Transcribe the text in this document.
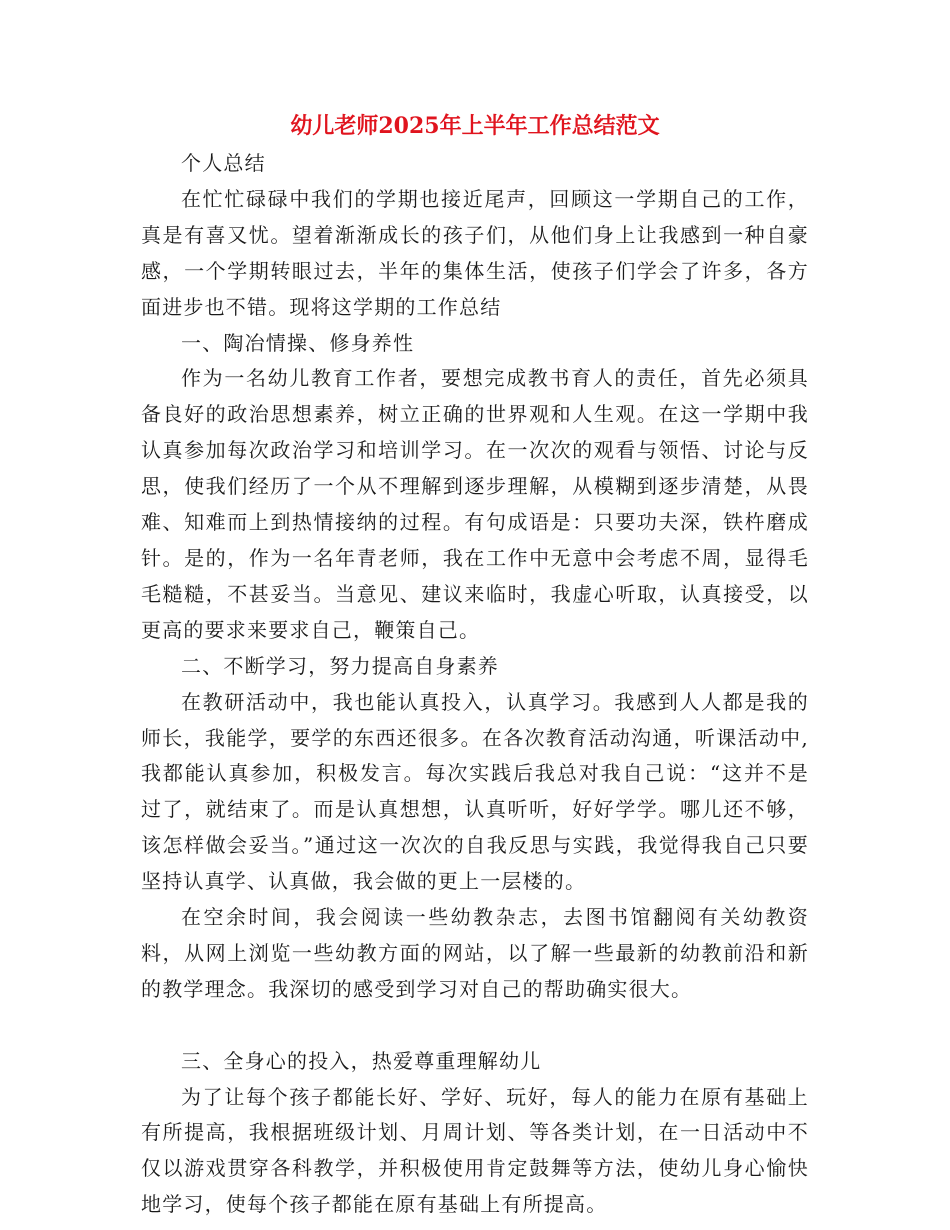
幼儿老师2025年上半年工作总结范文

个人总结

在忙忙碌碌中我们的学期也接近尾声，回顾这一学期自己的工作，真是有喜又忧。望着渐渐成长的孩子们，从他们身上让我感到一种自豪感，一个学期转眼过去，半年的集体生活，使孩子们学会了许多，各方面进步也不错。现将这学期的工作总结

一、陶冶情操、修身养性

作为一名幼儿教育工作者，要想完成教书育人的责任，首先必须具备良好的政治思想素养，树立正确的世界观和人生观。在这一学期中我认真参加每次政治学习和培训学习。在一次次的观看与领悟、讨论与反思，使我们经历了一个从不理解到逐步理解，从模糊到逐步清楚，从畏难、知难而上到热情接纳的过程。有句成语是：只要功夫深，铁杵磨成针。是的，作为一名年青老师，我在工作中无意中会考虑不周，显得毛毛糙糙，不甚妥当。当意见、建议来临时，我虚心听取，认真接受，以更高的要求来要求自己，鞭策自己。

二、不断学习，努力提高自身素养

在教研活动中，我也能认真投入，认真学习。我感到人人都是我的师长，我能学，要学的东西还很多。在各次教育活动沟通，听课活动中,我都能认真参加，积极发言。每次实践后我总对我自己说：“这并不是过了，就结束了。而是认真想想，认真听听，好好学学。哪儿还不够，该怎样做会妥当。”通过这一次次的自我反思与实践，我觉得我自己只要坚持认真学、认真做，我会做的更上一层楼的。

在空余时间，我会阅读一些幼教杂志，去图书馆翻阅有关幼教资料，从网上浏览一些幼教方面的网站，以了解一些最新的幼教前沿和新的教学理念。我深切的感受到学习对自己的帮助确实很大。

三、全身心的投入，热爱尊重理解幼儿

为了让每个孩子都能长好、学好、玩好，每人的能力在原有基础上有所提高，我根据班级计划、月周计划、等各类计划，在一日活动中不仅以游戏贯穿各科教学，并积极使用肯定鼓舞等方法，使幼儿身心愉快地学习，使每个孩子都能在原有基础上有所提高。
